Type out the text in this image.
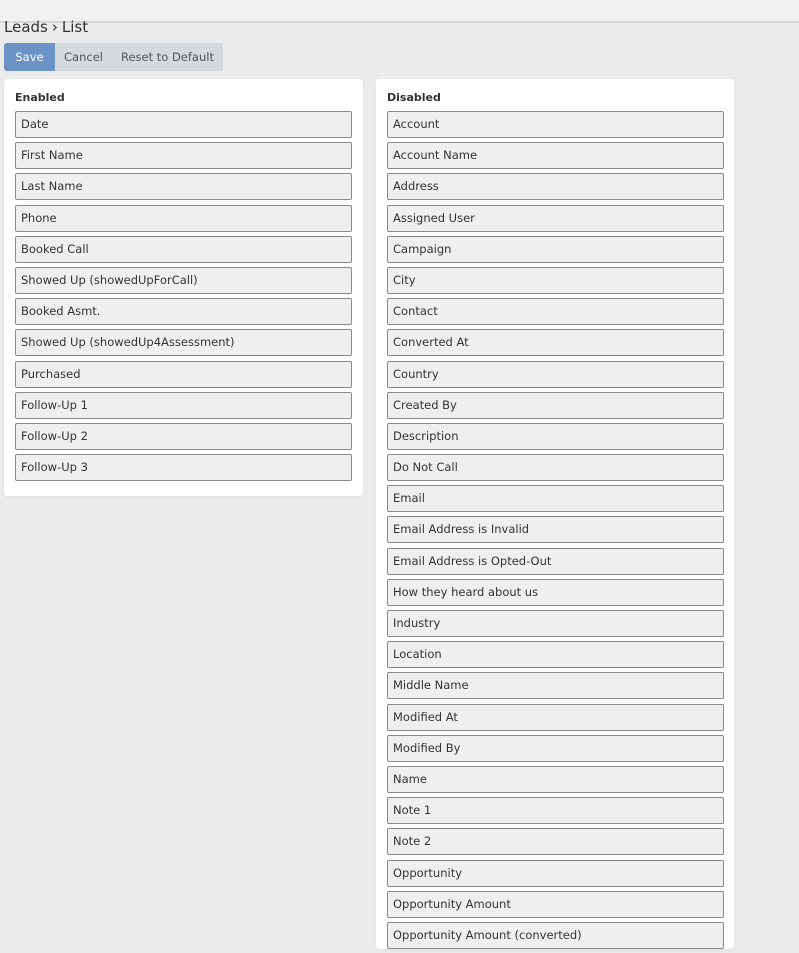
Leads › List
Save	Cancel	Reset to Default
Enabled
Date
First Name
Last Name
Phone
Booked Call
Showed Up (showedUpForCall)
Booked Asmt.
Showed Up (showedUp4Assessment)
Purchased
Follow-Up 1
Follow-Up 2
Follow-Up 3
Disabled
Account
Account Name
Address
Assigned User
Campaign
City
Contact
Converted At
Country
Created By
Description
Do Not Call
Email
Email Address is Invalid
Email Address is Opted-Out
How they heard about us
Industry
Location
Middle Name
Modified At
Modified By
Name
Note 1
Note 2
Opportunity
Opportunity Amount
Opportunity Amount (converted)
